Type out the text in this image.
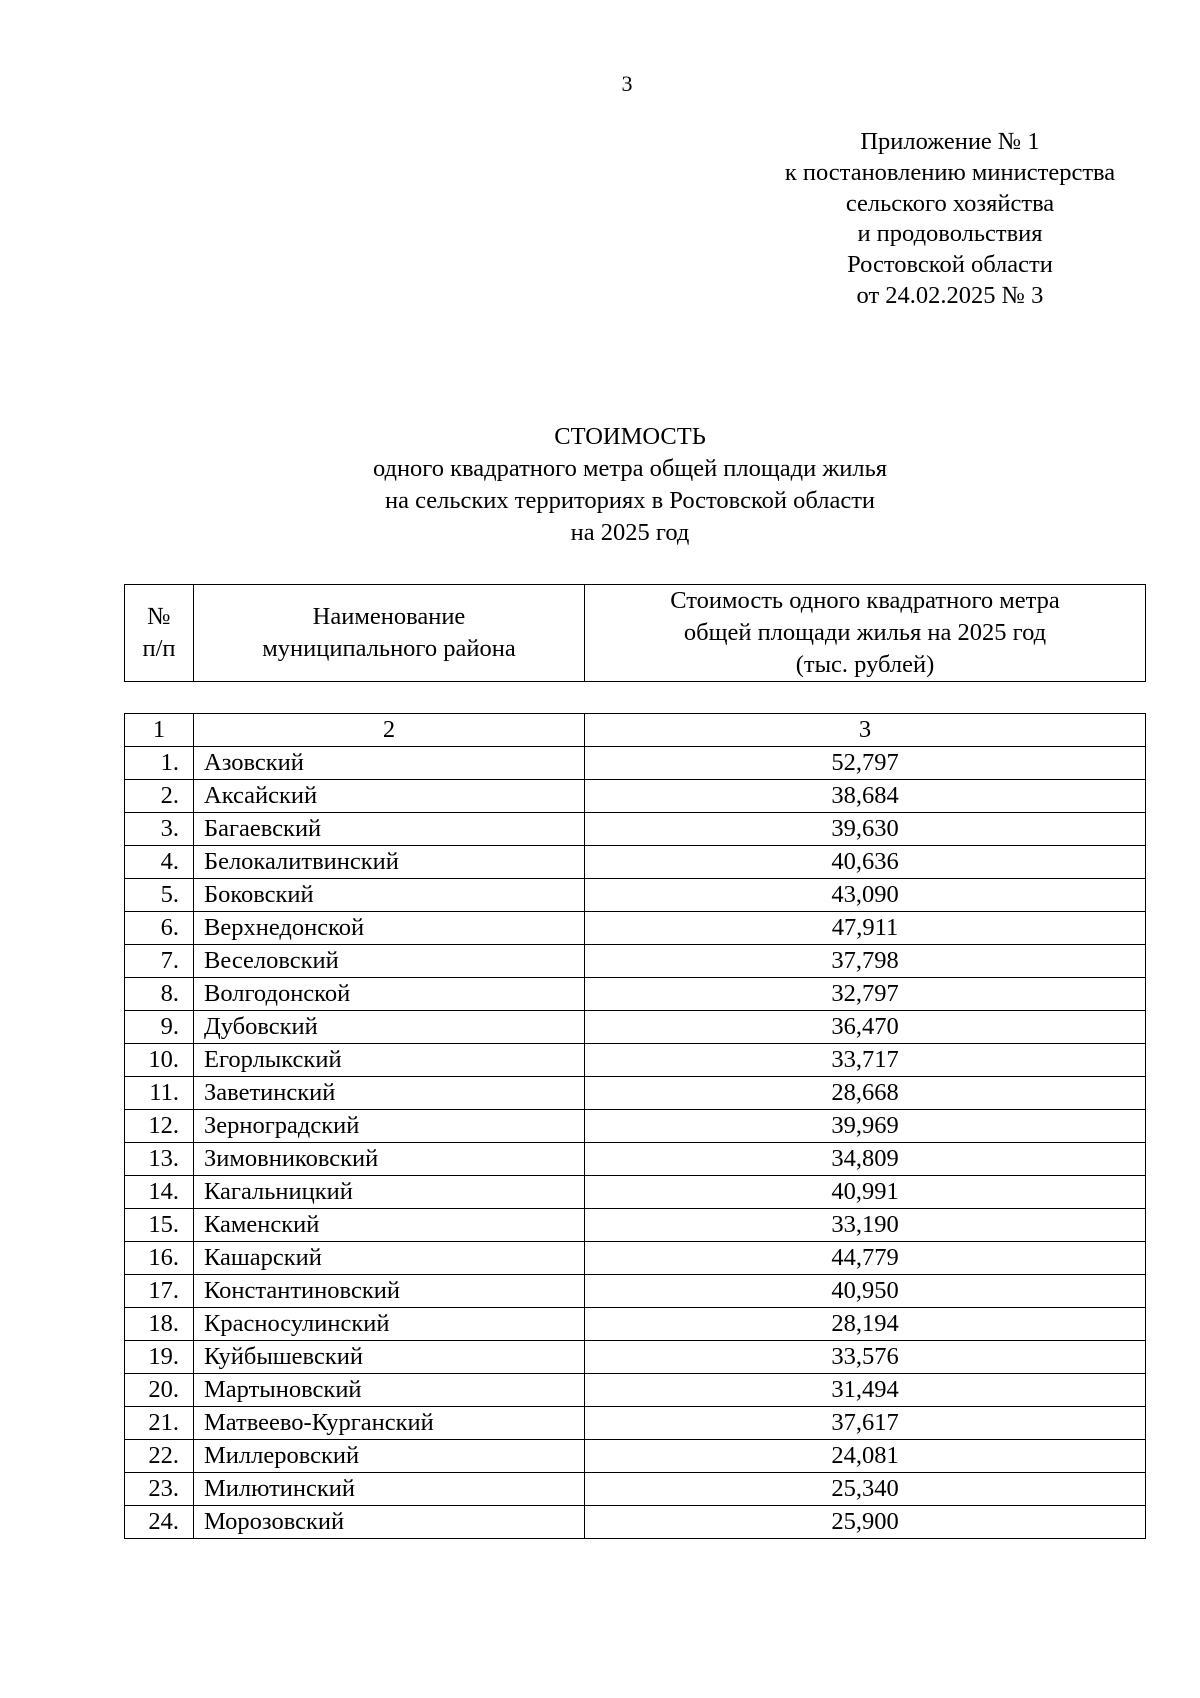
3
Приложение № 1
к постановлению министерства
сельского хозяйства
и продовольствия
Ростовской области
от 24.02.2025 № 3
СТОИМОСТЬ
одного квадратного метра общей площади жилья
на сельских территориях в Ростовской области
на 2025 год
№
п/п

Наименование
муниципального района

Стоимость одного квадратного метра
общей площади жилья на 2025 год
(тыс. рублей)
1	2	3
1.	Азовский	52,797
2.	Аксайский	38,684
3.	Багаевский	39,630
4.	Белокалитвинский	40,636
5.	Боковский	43,090
6.	Верхнедонской	47,911
7.	Веселовский	37,798
8.	Волгодонской	32,797
9.	Дубовский	36,470
10.	Егорлыкский	33,717
11.	Заветинский	28,668
12.	Зерноградский	39,969
13.	Зимовниковский	34,809
14.	Кагальницкий	40,991
15.	Каменский	33,190
16.	Кашарский	44,779
17.	Константиновский	40,950
18.	Красносулинский	28,194
19.	Куйбышевский	33,576
20.	Мартыновский	31,494
21.	Матвеево-Курганский	37,617
22.	Миллеровский	24,081
23.	Милютинский	25,340
24.	Морозовский	25,900
